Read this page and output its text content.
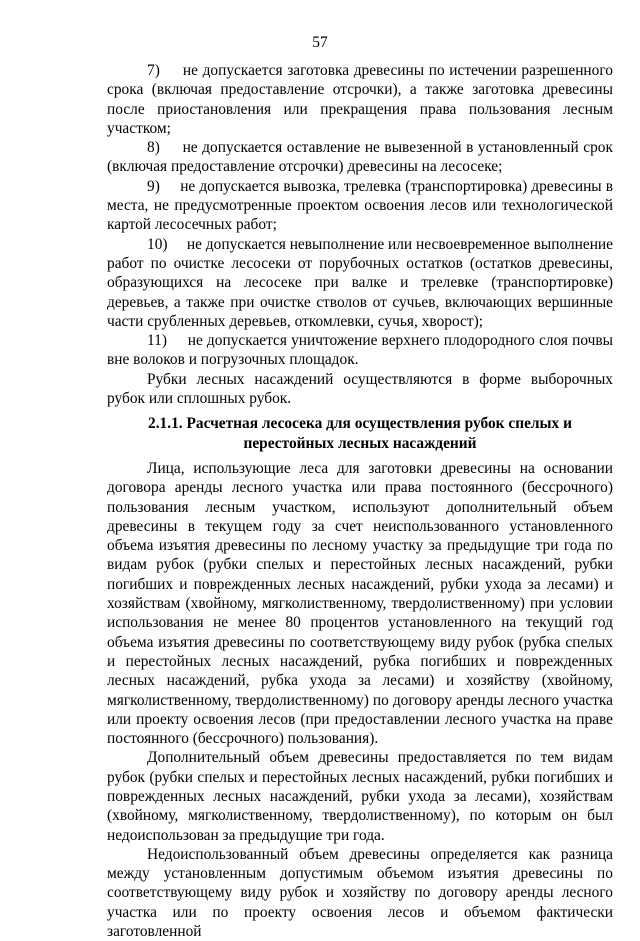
57

7) не допускается заготовка древесины по истечении разрешенного срока (включая предоставление отсрочки), а также заготовка древесины после приостановления или прекращения права пользования лесным участком;

8) не допускается оставление не вывезенной в установленный срок (включая предоставление отсрочки) древесины на лесосеке;

9) не допускается вывозка, трелевка (транспортировка) древесины в места, не предусмотренные проектом освоения лесов или технологической картой лесосечных работ;

10) не допускается невыполнение или несвоевременное выполнение работ по очистке лесосеки от порубочных остатков (остатков древесины, образующихся на лесосеке при валке и трелевке (транспортировке) деревьев, а также при очистке стволов от сучьев, включающих вершинные части срубленных деревьев, откомлевки, сучья, хворост);

11) не допускается уничтожение верхнего плодородного слоя почвы вне волоков и погрузочных площадок.

Рубки лесных насаждений осуществляются в форме выборочных рубок или сплошных рубок.

2.1.1. Расчетная лесосека для осуществления рубок спелых и перестойных лесных насаждений

Лица, использующие леса для заготовки древесины на основании договора аренды лесного участка или права постоянного (бессрочного) пользования лесным участком, используют дополнительный объем древесины в текущем году за счет неиспользованного установленного объема изъятия древесины по лесному участку за предыдущие три года по видам рубок (рубки спелых и перестойных лесных насаждений, рубки погибших и поврежденных лесных насаждений, рубки ухода за лесами) и хозяйствам (хвойному, мягколиственному, твердолиственному) при условии использования не менее 80 процентов установленного на текущий год объема изъятия древесины по соответствующему виду рубок (рубка спелых и перестойных лесных насаждений, рубка погибших и поврежденных лесных насаждений, рубка ухода за лесами) и хозяйству (хвойному, мягколиственному, твердолиственному) по договору аренды лесного участка или проекту освоения лесов (при предоставлении лесного участка на праве постоянного (бессрочного) пользования).

Дополнительный объем древесины предоставляется по тем видам рубок (рубки спелых и перестойных лесных насаждений, рубки погибших и поврежденных лесных насаждений, рубки ухода за лесами), хозяйствам (хвойному, мягколиственному, твердолиственному), по которым он был недоиспользован за предыдущие три года.

Недоиспользованный объем древесины определяется как разница между установленным допустимым объемом изъятия древесины по соответствующему виду рубок и хозяйству по договору аренды лесного участка или по проекту освоения лесов и объемом фактически заготовленной
